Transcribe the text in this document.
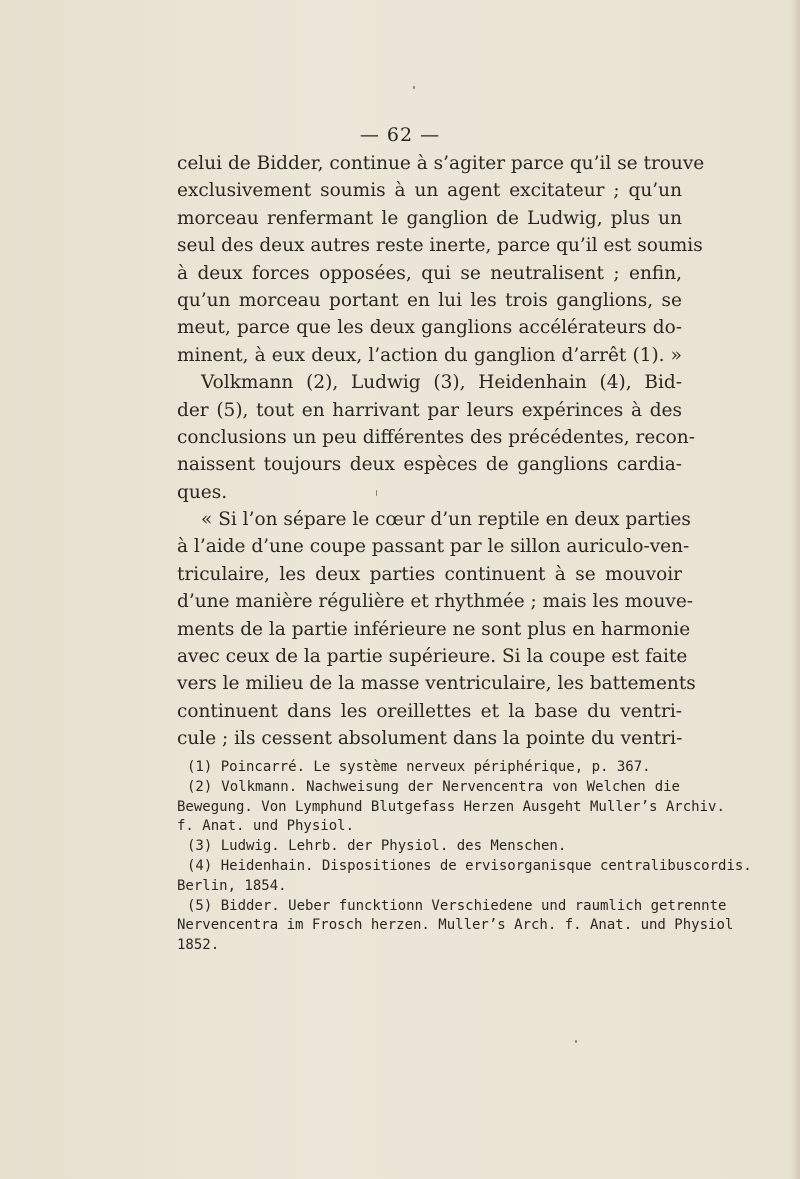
— 62 —
celui de Bidder, continue à s’agiter parce qu’il se trouve
exclusivement soumis à un agent excitateur ; qu’un
morceau renfermant le ganglion de Ludwig, plus un
seul des deux autres reste inerte, parce qu’il est soumis
à deux forces opposées, qui se neutralisent ; enfin,
qu’un morceau portant en lui les trois ganglions, se
meut, parce que les deux ganglions accélérateurs do-
minent, à eux deux, l’action du ganglion d’arrêt (1). »
Volkmann (2), Ludwig (3), Heidenhain (4), Bid-
der (5), tout en harrivant par leurs expérinces à des
conclusions un peu différentes des précédentes, recon-
naissent toujours deux espèces de ganglions cardia-
ques.
« Si l’on sépare le cœur d’un reptile en deux parties
à l’aide d’une coupe passant par le sillon auriculo-ven-
triculaire, les deux parties continuent à se mouvoir
d’une manière régulière et rhythmée ; mais les mouve-
ments de la partie inférieure ne sont plus en harmonie
avec ceux de la partie supérieure. Si la coupe est faite
vers le milieu de la masse ventriculaire, les battements
continuent dans les oreillettes et la base du ventri-
cule ; ils cessent absolument dans la pointe du ventri-
(1) Poincarré. Le système nerveux périphérique, p. 367.
(2) Volkmann. Nachweisung der Nervencentra von Welchen die
Bewegung. Von Lymphund Blutgefass Herzen Ausgeht Muller’s Archiv.
f. Anat. und Physiol.
(3) Ludwig. Lehrb. der Physiol. des Menschen.
(4) Heidenhain. Dispositiones de ervisorganisque centralibuscordis.
Berlin, 1854.
(5) Bidder. Ueber funcktionn Verschiedene und raumlich getrennte
Nervencentra im Frosch herzen. Muller’s Arch. f. Anat. und Physiol
1852.
